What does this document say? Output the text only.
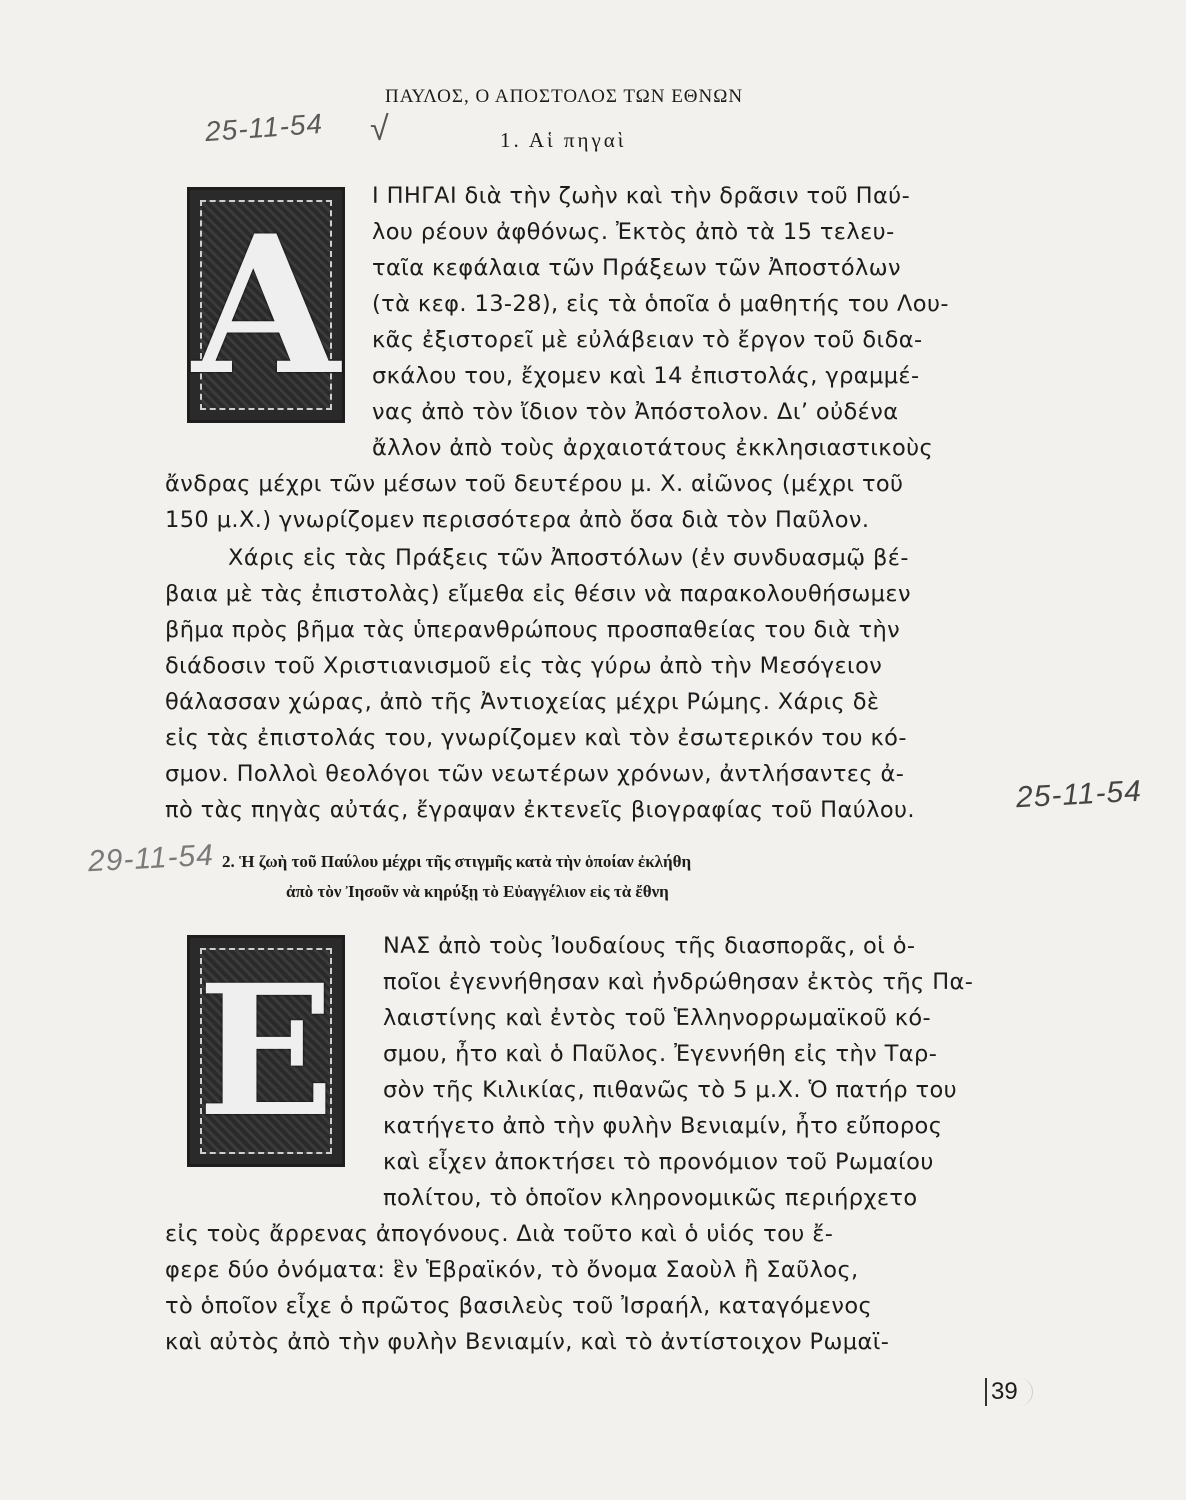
ΠΑΥΛΟΣ, Ο ΑΠΟΣΤΟΛΟΣ ΤΩΝ ΕΘΝΩΝ
25-11-54 √	1. Αἱ πηγαὶ
Α Ι ΠΗΓΑΙ διὰ τὴν ζωὴν καὶ τὴν δρᾶσιν τοῦ Παύ-
λου ρέουν ἀφθόνως. Ἐκτὸς ἀπὸ τὰ 15 τελευ-
ταῖα κεφάλαια τῶν Πράξεων τῶν Ἀποστόλων
(τὰ κεφ. 13-28), εἰς τὰ ὁποῖα ὁ μαθητής του Λου-
κᾶς ἐξιστορεῖ μὲ εὐλάβειαν τὸ ἔργον τοῦ διδα-
σκάλου του, ἔχομεν καὶ 14 ἐπιστολάς, γραμμέ-
νας ἀπὸ τὸν ἴδιον τὸν Ἀπόστολον. Δι’ οὐδένα
ἄλλον ἀπὸ τοὺς ἀρχαιοτάτους ἐκκλησιαστικοὺς
ἄνδρας μέχρι τῶν μέσων τοῦ δευτέρου μ. Χ. αἰῶνος (μέχρι τοῦ
150 μ.Χ.) γνωρίζομεν περισσότερα ἀπὸ ὅσα διὰ τὸν Παῦλον.
Χάρις εἰς τὰς Πράξεις τῶν Ἀποστόλων (ἐν συνδυασμῷ βέ-
βαια μὲ τὰς ἐπιστολὰς) εἴμεθα εἰς θέσιν νὰ παρακολουθήσωμεν
βῆμα πρὸς βῆμα τὰς ὑπερανθρώπους προσπαθείας του διὰ τὴν
διάδοσιν τοῦ Χριστιανισμοῦ εἰς τὰς γύρω ἀπὸ τὴν Μεσόγειον
θάλασσαν χώρας, ἀπὸ τῆς Ἀντιοχείας μέχρι Ρώμης. Χάρις δὲ
εἰς τὰς ἐπιστολάς του, γνωρίζομεν καὶ τὸν ἐσωτερικόν του κό-
σμον. Πολλοὶ θεολόγοι τῶν νεωτέρων χρόνων, ἀντλήσαντες ἀ-
πὸ τὰς πηγὰς αὐτάς, ἔγραψαν ἐκτενεῖς βιογραφίας τοῦ Παύλου.	25-11-54
29-11-54 2. Ἡ ζωὴ τοῦ Παύλου μέχρι τῆς στιγμῆς κατὰ τὴν ὁποίαν ἐκλήθη
ἀπὸ τὸν Ἰησοῦν νὰ κηρύξῃ τὸ Εὐαγγέλιον εἰς τὰ ἔθνη
Ε	ΝΑΣ ἀπὸ τοὺς Ἰουδαίους τῆς διασπορᾶς, οἱ ὁ-
ποῖοι ἐγεννήθησαν καὶ ἠνδρώθησαν ἐκτὸς τῆς Πα-
λαιστίνης καὶ ἐντὸς τοῦ Ἑλληνορρωμαϊκοῦ κό-
σμου, ἦτο καὶ ὁ Παῦλος. Ἐγεννήθη εἰς τὴν Ταρ-
σὸν τῆς Κιλικίας, πιθανῶς τὸ 5 μ.Χ. Ὁ πατήρ του
κατήγετο ἀπὸ τὴν φυλὴν Βενιαμίν, ἦτο εὔπορος
καὶ εἶχεν ἀποκτήσει τὸ προνόμιον τοῦ Ρωμαίου
πολίτου, τὸ ὁποῖον κληρονομικῶς περιήρχετο
εἰς τοὺς ἄρρενας ἀπογόνους. Διὰ τοῦτο καὶ ὁ υἱός του ἔ-
φερε δύο ὀνόματα: ἓν Ἑβραϊκόν, τὸ ὄνομα Σαοὺλ ἢ Σαῦλος,
τὸ ὁποῖον εἶχε ὁ πρῶτος βασιλεὺς τοῦ Ἰσραήλ, καταγόμενος
καὶ αὐτὸς ἀπὸ τὴν φυλὴν Βενιαμίν, καὶ τὸ ἀντίστοιχον Ρωμαϊ-
39
